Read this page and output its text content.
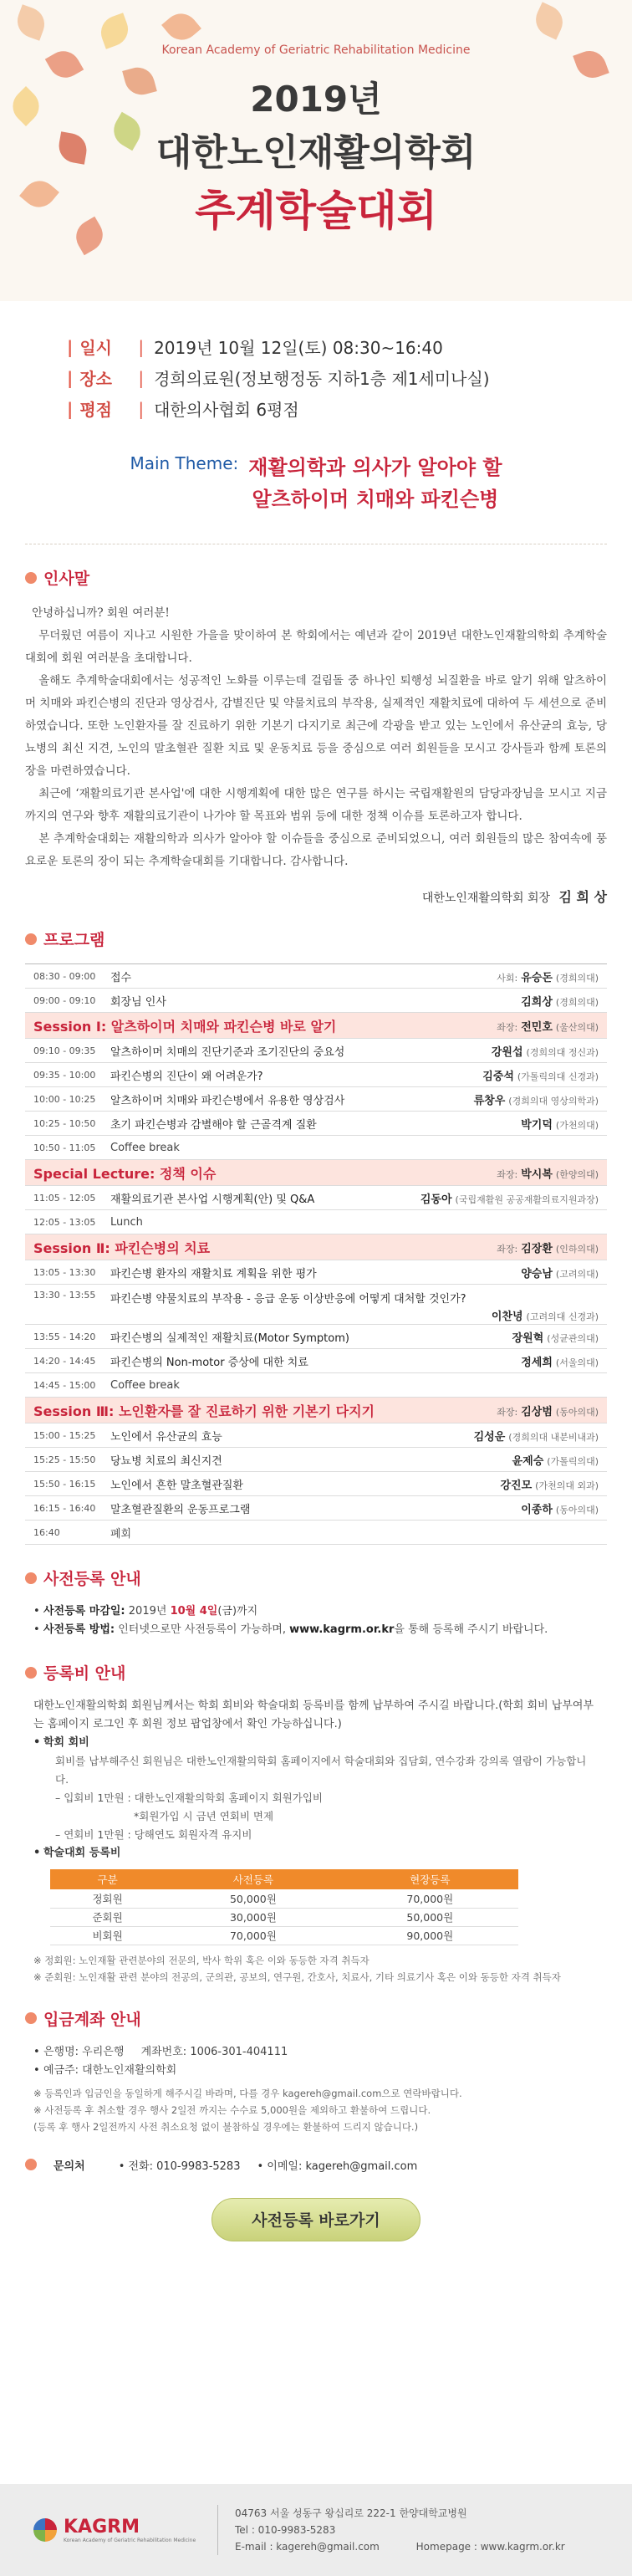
Korean Academy of Geriatric Rehabilitation Medicine
2019년
대한노인재활의학회
추계학술대회
| 일시	| 2019년 10월 12일(토) 08:30~16:40
| 장소	| 경희의료원(정보행정동 지하1층 제1세미나실)
| 평점	| 대한의사협회 6평점
Main Theme: 재활의학과 의사가 알아야 할
알츠하이머 치매와 파킨슨병
인사말

안녕하십니까? 회원 여러분!

무더웠던 여름이 지나고 시원한 가을을 맞이하여 본 학회에서는 예년과 같이 2019년 대한노인재활의학회 추계학술대회에 회원 여러분을 초대합니다.

올해도 추계학술대회에서는 성공적인 노화를 이루는데 걸림돌 중 하나인 퇴행성 뇌질환을 바로 알기 위해 알츠하이머 치매와 파킨슨병의 진단과 영상검사, 감별진단 및 약물치료의 부작용, 실제적인 재활치료에 대하여 두 세션으로 준비하였습니다. 또한 노인환자를 잘 진료하기 위한 기본기 다지기로 최근에 각광을 받고 있는 노인에서 유산균의 효능, 당뇨병의 최신 지견, 노인의 말초혈관 질환 치료 및 운동치료 등을 중심으로 여러 회원들을 모시고 강사들과 함께 토론의 장을 마련하였습니다.

최근에 ‘재활의료기관 본사업'에 대한 시행계획에 대한 많은 연구를 하시는 국립재활원의 담당과장님을 모시고 지금까지의 연구와 향후 재활의료기관이 나가야 할 목표와 범위 등에 대한 정책 이슈를 토론하고자 합니다.

본 추계학술대회는 재활의학과 의사가 알아야 할 이슈들을 중심으로 준비되었으니, 여러 회원들의 많은 참여속에 풍요로운 토론의 장이 되는 추계학술대회를 기대합니다. 감사합니다.

대한노인재활의학회 회장 김 희 상
프로그램
08:30 - 09:00	접수	사회: 유승돈 (경희의대)
09:00 - 09:10	회장님 인사	김희상 (경희의대)
Session Ⅰ: 알츠하이머 치매와 파킨슨병 바로 알기	좌장: 전민호 (울산의대)
09:10 - 09:35	알츠하이머 치매의 진단기준과 조기진단의 중요성	강원섭 (경희의대 정신과)
09:35 - 10:00	파킨슨병의 진단이 왜 어려운가?	김중석 (가톨릭의대 신경과)
10:00 - 10:25	알츠하이머 치매와 파킨슨병에서 유용한 영상검사	류창우 (경희의대 영상의학과)
10:25 - 10:50	초기 파킨슨병과 감별해야 할 근골격계 질환	박기덕 (가천의대)
10:50 - 11:05	Coffee break
Special Lecture: 정책 이슈	좌장: 박시복 (한양의대)
11:05 - 12:05	재활의료기관 본사업 시행계획(안) 및 Q&A	김동아 (국립재활원 공공재활의료지원과장)
12:05 - 13:05	Lunch
Session Ⅱ: 파킨슨병의 치료	좌장: 김장환 (인하의대)
13:05 - 13:30	파킨슨병 환자의 재활치료 계획을 위한 평가	양승남 (고려의대)
13:30 - 13:55	파킨슨병 약물치료의 부작용 - 응급 운동 이상반응에 어떻게 대처할 것인가?
이찬녕 (고려의대 신경과)
13:55 - 14:20	파킨슨병의 실제적인 재활치료(Motor Symptom)	장원혁 (성균관의대)
14:20 - 14:45	파킨슨병의 Non-motor 증상에 대한 치료	정세희 (서울의대)
14:45 - 15:00	Coffee break
Session Ⅲ: 노인환자를 잘 진료하기 위한 기본기 다지기	좌장: 김상범 (동아의대)
15:00 - 15:25	노인에서 유산균의 효능	김성운 (경희의대 내분비내과)
15:25 - 15:50	당뇨병 치료의 최신지견	윤제승 (가톨릭의대)
15:50 - 16:15	노인에서 흔한 말초혈관질환	강진모 (가천의대 외과)
16:15 - 16:40	말초혈관질환의 운동프로그램	이종하 (동아의대)
16:40	폐회
사전등록 안내
• 사전등록 마감일: 2019년 10월 4일(금)까지
• 사전등록 방법: 인터넷으로만 사전등록이 가능하며, www.kagrm.or.kr을 통해 등록해 주시기 바랍니다.
등록비 안내
대한노인재활의학회 회원님께서는 학회 회비와 학술대회 등록비를 함께 납부하여 주시길 바랍니다.(학회 회비 납부여부는 홈페이지 로그인 후 회원 정보 팝업창에서 확인 가능하십니다.)
• 학회 회비
회비를 납부해주신 회원님은 대한노인재활의학회 홈페이지에서 학술대회와 집담회, 연수강좌 강의록 열람이 가능합니다.
– 입회비 1만원 : 대한노인재활의학회 홈페이지 회원가입비
*회원가입 시 금년 연회비 면제
– 연회비 1만원 : 당해연도 회원자격 유지비
• 학술대회 등록비
구분	사전등록	현장등록
정회원	50,000원	70,000원
준회원	30,000원	50,000원
비회원	70,000원	90,000원
※ 정회원: 노인재활 관련분야의 전문의, 박사 학위 혹은 이와 동등한 자격 취득자
※ 준회원: 노인재활 관련 분야의 전공의, 군의관, 공보의, 연구원, 간호사, 치료사, 기타 의료기사 혹은 이와 동등한 자격 취득자
입금계좌 안내
• 은행명: 우리은행 계좌번호: 1006-301-404111
• 예금주: 대한노인재활의학회
※ 등록인과 입금인을 동일하게 해주시길 바라며, 다를 경우 kagereh@gmail.com으로 연락바랍니다.
※ 사전등록 후 취소할 경우 행사 2일전 까지는 수수료 5,000원을 제외하고 환불하여 드립니다.
(등록 후 행사 2일전까지 사전 취소요청 없이 불참하실 경우에는 환불하여 드리지 않습니다.)
문의처	• 전화: 010-9983-5283 • 이메일: kagereh@gmail.com
사전등록 바로가기
KAGRM
Korean Academy of Geriatric Rehabilitation Medicine
04763 서울 성동구 왕십리로 222-1 한양대학교병원
Tel : 010-9983-5283
E-mail : kagereh@gmail.com	Homepage : www.kagrm.or.kr
